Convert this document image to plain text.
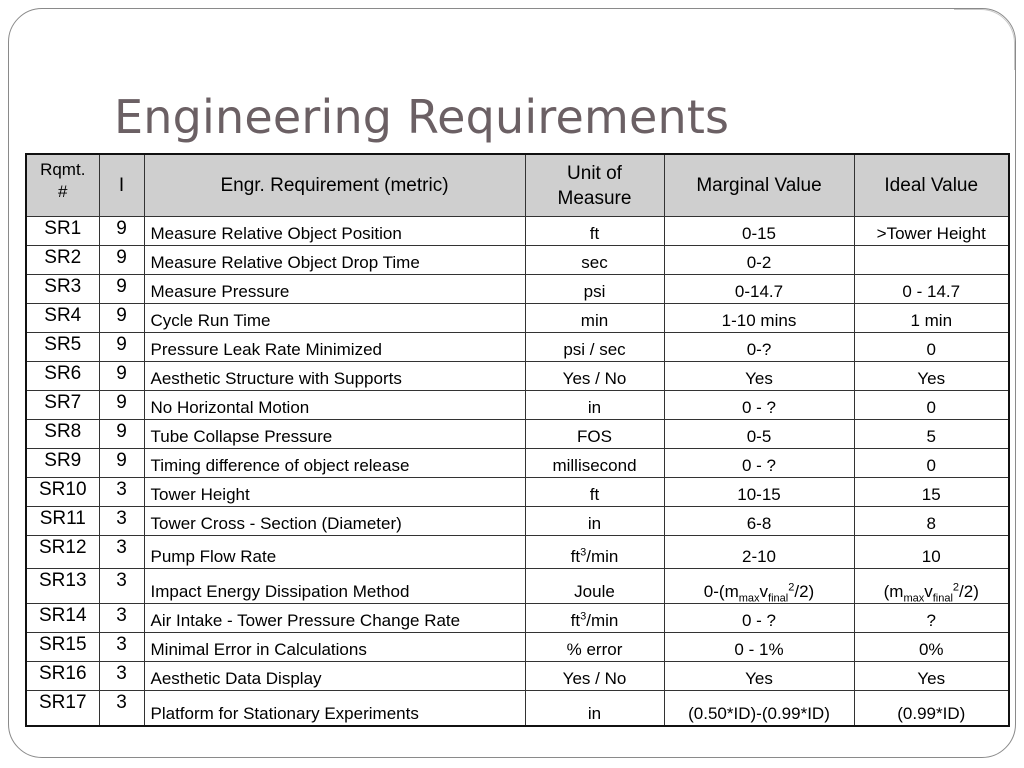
Engineering Requirements
Rqmt.
#	I	Engr. Requirement (metric)	Unit of
Measure	Marginal Value	Ideal Value
SR1	9	Measure Relative Object Position	ft	0-15	>Tower Height
SR2	9	Measure Relative Object Drop Time	sec	0-2	
SR3	9	Measure Pressure	psi	0-14.7	0 - 14.7
SR4	9	Cycle Run Time	min	1-10 mins	1 min
SR5	9	Pressure Leak Rate Minimized	psi / sec	0-?	0
SR6	9	Aesthetic Structure with Supports	Yes / No	Yes	Yes
SR7	9	No Horizontal Motion	in	0 - ?	0
SR8	9	Tube Collapse Pressure	FOS	0-5	5
SR9	9	Timing difference of object release	millisecond	0 - ?	0
SR10	3	Tower Height	ft	10-15	15
SR11	3	Tower Cross - Section (Diameter)	in	6-8	8
SR12	3	Pump Flow Rate	$ft^3/\min$	2-10	10
SR13	3	Impact Energy Dissipation Method	Joule	$0-(m_{max}v_{final}^2/2)$	$(m_{max}v_{final}^2/2)$
SR14	3	Air Intake - Tower Pressure Change Rate	$ft^3/\min$	0 - ?	?
SR15	3	Minimal Error in Calculations	% error	0 - 1%	0%
SR16	3	Aesthetic Data Display	Yes / No	Yes	Yes
SR17	3	Platform for Stationary Experiments	in	(0.50*ID)-(0.99*ID)	(0.99*ID)
